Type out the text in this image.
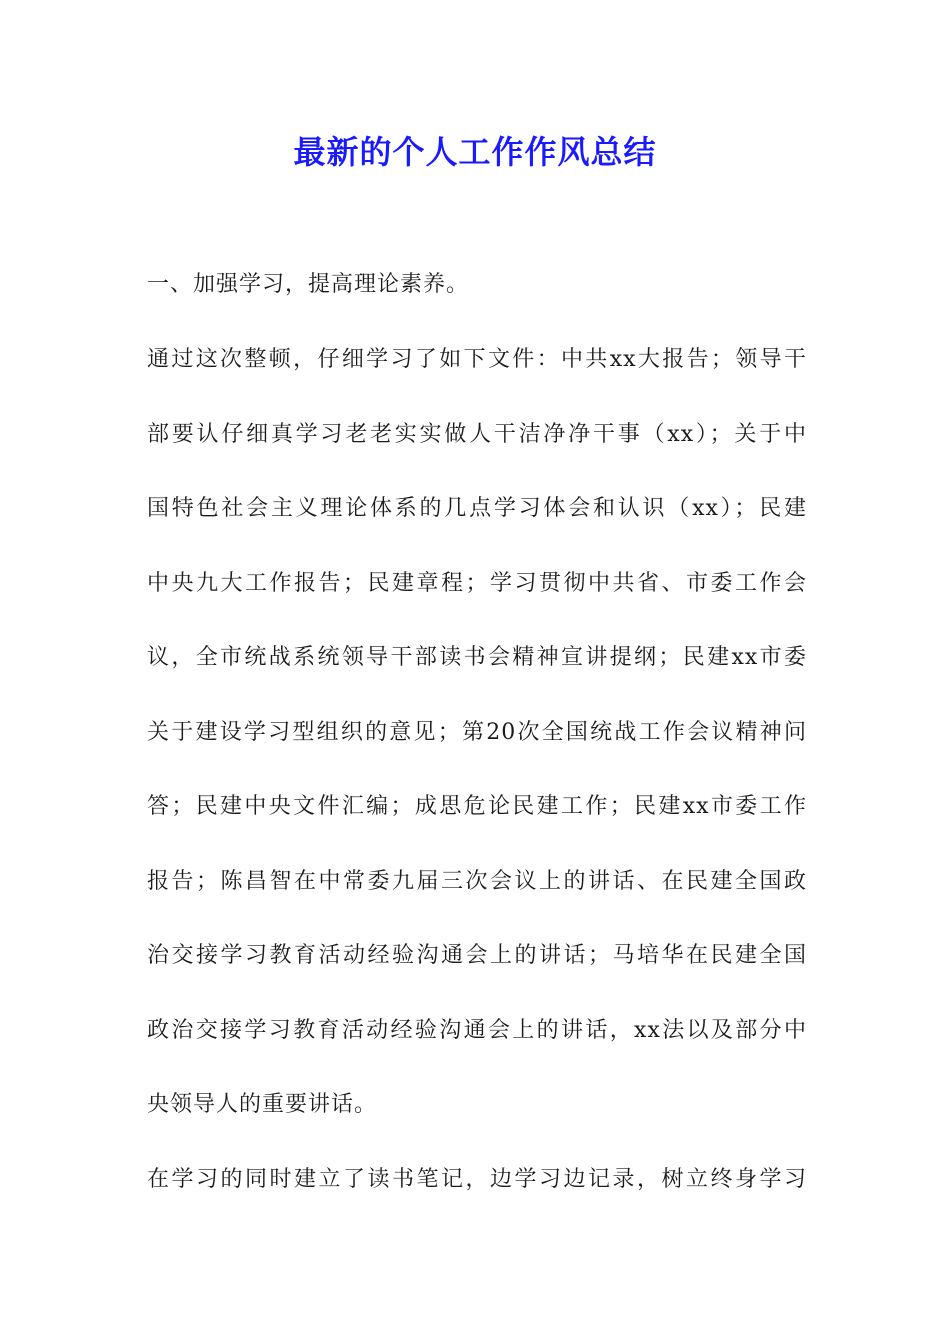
最新的个人工作作风总结

一、加强学习，提高理论素养。

通过这次整顿，仔细学习了如下文件：中共xx大报告；领导干

部要认仔细真学习老老实实做人干洁净净干事（xx）；关于中

国特色社会主义理论体系的几点学习体会和认识（xx）；民建

中央九大工作报告；民建章程；学习贯彻中共省、市委工作会

议，全市统战系统领导干部读书会精神宣讲提纲；民建xx市委

关于建设学习型组织的意见；第20次全国统战工作会议精神问

答；民建中央文件汇编；成思危论民建工作；民建xx市委工作

报告；陈昌智在中常委九届三次会议上的讲话、在民建全国政

治交接学习教育活动经验沟通会上的讲话；马培华在民建全国

政治交接学习教育活动经验沟通会上的讲话，xx法以及部分中

央领导人的重要讲话。

在学习的同时建立了读书笔记，边学习边记录，树立终身学习
